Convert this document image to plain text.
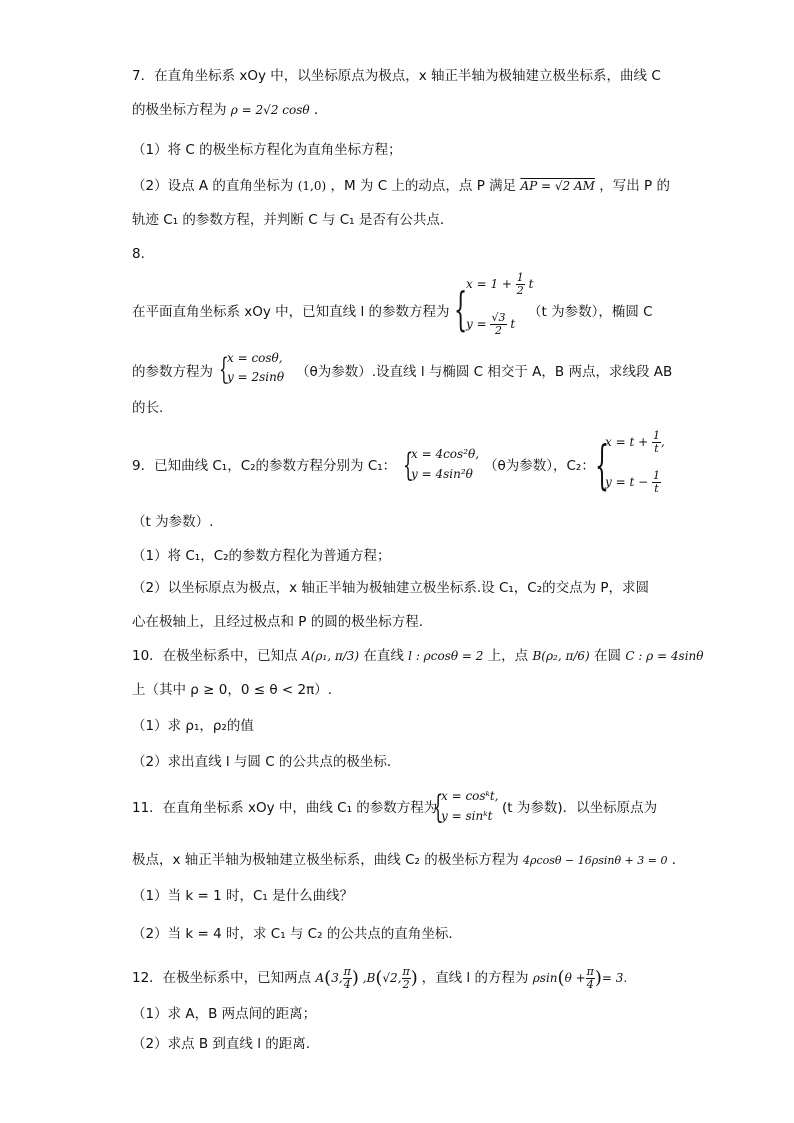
7．在直角坐标系 xOy 中，以坐标原点为极点，x 轴正半轴为极轴建立极坐标系，曲线 C
的极坐标方程为 ρ = 2√2 cosθ ．
（1）将 C 的极坐标方程化为直角坐标方程；
（2）设点 A 的直角坐标为 (1,0) ，M 为 C 上的动点，点 P 满足 AP = √2 AM ，写出 P 的
轨迹 C₁ 的参数方程，并判断 C 与 C₁ 是否有公共点．
8．
在平面直角坐标系 xOy 中，已知直线 l 的参数方程为 {
$x = 1 + \frac{1}{2}$ t
$y = \frac{√3}{2}$ t
（t 为参数），椭圆 C
的参数方程为 {
x = cosθ,
y = 2sinθ （θ为参数）.设直线 l 与椭圆 C 相交于 A，B 两点，求线段 AB
的长.
9．已知曲线 C₁，C₂的参数方程分别为 C₁： {
x = 4cos²θ,
y = 4sin²θ （θ为参数），C₂： {
$x = t + \frac{1}{t}$ ,
$y = t - \frac{1}{t}$
（t 为参数）.
（1）将 C₁，C₂的参数方程化为普通方程；
（2）以坐标原点为极点，x 轴正半轴为极轴建立极坐标系.设 C₁，C₂的交点为 P，求圆
心在极轴上，且经过极点和 P 的圆的极坐标方程.
10．在极坐标系中，已知点 A(ρ₁, π/3) 在直线 l : ρcosθ = 2 上，点 B(ρ₂, π/6) 在圆 C : ρ = 4sinθ
上（其中 ρ ≥ 0，0 ≤ θ < 2π）.
（1）求 ρ₁，ρ₂的值
（2）求出直线 l 与圆 C 的公共点的极坐标．
11．在直角坐标系 xOy 中，曲线 C₁ 的参数方程为
{
x = cosᵏt,
y = sinᵏt (t 为参数)．以坐标原点为
极点，x 轴正半轴为极轴建立极坐标系，曲线 C₂ 的极坐标方程为 4ρcosθ − 16ρsinθ + 3 = 0 ．
（1）当 k = 1 时，C₁ 是什么曲线？
（2）当 k = 4 时，求 C₁ 与 C₂ 的公共点的直角坐标．
12．在极坐标系中，已知两点 A(3, $\frac{\pi}{4}$ ) ,B(√2, $\frac{\pi}{2}$ ) ，直线 l 的方程为 $\rho\sin(\theta + \frac{\pi}{4}$ )= 3.
（1）求 A，B 两点间的距离；
（2）求点 B 到直线 l 的距离.
